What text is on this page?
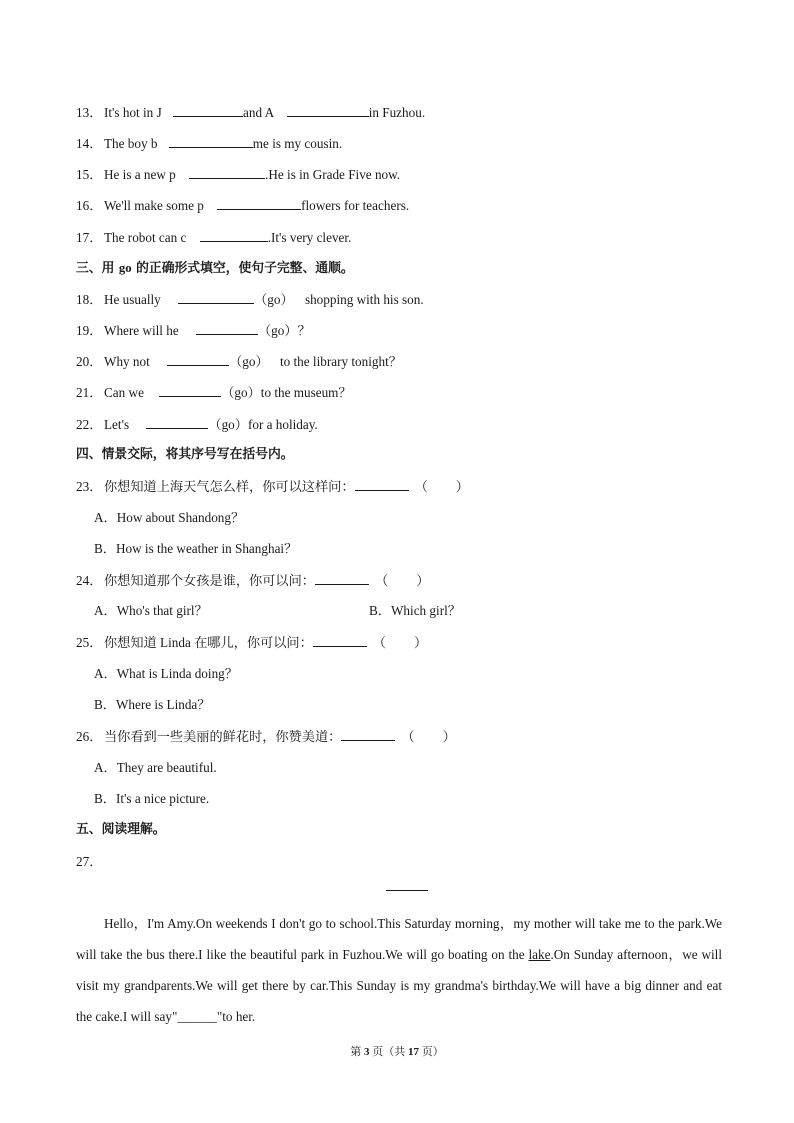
13． It's hot in J	and A	in Fuzhou.
14． The boy b	me is my cousin.
15． He is a new p	.He is in Grade Five now.
16． We'll make some p	flowers for teachers.
17． The robot can c	.It's very clever.
三、用 go 的正确形式填空，使句子完整、通顺。
18． He usually	（go） shopping with his son.
19． Where will he	（go）？
20． Why not	（go） to the library tonight？
21． Can we	（go）to the museum？
22． Let's	（go）for a holiday.
四、情景交际，将其序号写在括号内。
23． 你想知道上海天气怎么样，你可以这样问：	（ ）
A．How about Shandong？
B．How is the weather in Shanghai？
24． 你想知道那个女孩是谁，你可以问：	（ ）
A．Who's that girl？	B．Which girl？
25． 你想知道 Linda 在哪儿，你可以问：	（ ）
A．What is Linda doing？
B．Where is Linda？
26． 当你看到一些美丽的鲜花时，你赞美道：	（ ）
A．They are beautiful.
B．It's a nice picture.
五、阅读理解。
27．
Hello，I'm Amy.On weekends I don't go to school.This Saturday morning，my mother will take me to the park.We will take the bus there.I like the beautiful park in Fuzhou.We will go boating on the lake.On Sunday afternoon，we will visit my grandparents.We will get there by car.This Sunday is my grandma's birthday.We will have a big dinner and eat the cake.I will say"______"to her.
第 3 页（共 17 页）
